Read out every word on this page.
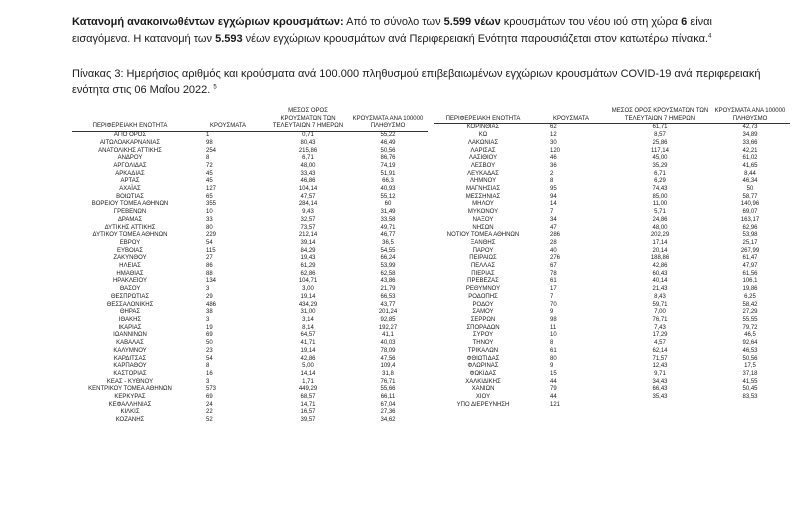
Κατανομή ανακοινωθέντων εγχώριων κρουσμάτων: Από το σύνολο των 5.599 νέων κρουσμάτων του νέου ιού στη χώρα 6 είναι εισαγόμενα. Η κατανομή των 5.593 νέων εγχώριων κρουσμάτων ανά Περιφερειακή Ενότητα παρουσιάζεται στον κατωτέρω πίνακα.$^4$
Πίνακας 3: Ημερήσιος αριθμός και κρούσματα ανά 100.000 πληθυσμού επιβεβαιωμένων εγχώριων κρουσμάτων COVID-19 ανά περιφερειακή ενότητα στις 06 Μαΐου 2022. $^5$
ΠΕΡΙΦΕΡΕΙΑΚΗ ΕΝΟΤΗΤΑ	ΚΡΟΥΣΜΑΤΑ	ΜΕΣΟΣ ΟΡΟΣ ΚΡΟΥΣΜΑΤΩΝ ΤΩΝ ΤΕΛΕΥΤΑΙΩΝ 7 ΗΜΕΡΩΝ	ΚΡΟΥΣΜΑΤΑ ΑΝΑ 100000 ΠΛΗΘΥΣΜΟ
ΑΓΙΟ ΟΡΟΣ	1	0,71	55,22
ΑΙΤΩΛΟΑΚΑΡΝΑΝΙΑΣ	98	80,43	46,49
ΑΝΑΤΟΛΙΚΗΣ ΑΤΤΙΚΗΣ	254	215,86	50,56
ΑΝΔΡΟΥ	8	6,71	86,76
ΑΡΓΟΛΙΔΑΣ	72	48,00	74,19
ΑΡΚΑΔΙΑΣ	45	33,43	51,91
ΑΡΤΑΣ	45	46,86	66,3
ΑΧΑΪΑΣ	127	104,14	40,93
ΒΟΙΩΤΙΑΣ	65	47,57	55,12
ΒΟΡΕΙΟΥ ΤΟΜΕΑ ΑΘΗΝΩΝ	355	284,14	60
ΓΡΕΒΕΝΩΝ	10	9,43	31,49
ΔΡΑΜΑΣ	33	32,57	33,58
ΔΥΤΙΚΗΣ ΑΤΤΙΚΗΣ	80	73,57	49,71
ΔΥΤΙΚΟΥ ΤΟΜΕΑ ΑΘΗΝΩΝ	229	212,14	46,77
ΕΒΡΟΥ	54	39,14	36,5
ΕΥΒΟΙΑΣ	115	84,29	54,55
ΖΑΚΥΝΘΟΥ	27	19,43	66,24
ΗΛΕΙΑΣ	86	61,29	53,99
ΗΜΑΘΙΑΣ	88	62,86	62,58
ΗΡΑΚΛΕΙΟΥ	134	104,71	43,86
ΘΑΣΟΥ	3	3,00	21,79
ΘΕΣΠΡΩΤΙΑΣ	29	19,14	66,53
ΘΕΣΣΑΛΟΝΙΚΗΣ	486	434,29	43,77
ΘΗΡΑΣ	38	31,00	201,24
ΙΘΑΚΗΣ	3	3,14	92,85
ΙΚΑΡΙΑΣ	19	8,14	192,27
ΙΩΑΝΝΙΝΩΝ	69	64,57	41,1
ΚΑΒΑΛΑΣ	50	41,71	40,03
ΚΑΛΥΜΝΟΥ	23	19,14	78,09
ΚΑΡΔΙΤΣΑΣ	54	42,86	47,56
ΚΑΡΠΑΘΟΥ	8	5,00	109,4
ΚΑΣΤΟΡΙΑΣ	16	14,14	31,8
ΚΕΑΣ - ΚΥΘΝΟΥ	3	1,71	76,71
ΚΕΝΤΡΙΚΟΥ ΤΟΜΕΑ ΑΘΗΝΩΝ	573	449,29	55,66
ΚΕΡΚΥΡΑΣ	69	68,57	66,11
ΚΕΦΑΛΛΗΝΙΑΣ	24	14,71	67,04
ΚΙΛΚΙΣ	22	16,57	27,36
ΚΟΖΑΝΗΣ	52	39,57	34,62
ΠΕΡΙΦΕΡΕΙΑΚΗ ΕΝΟΤΗΤΑ	ΚΡΟΥΣΜΑΤΑ	ΜΕΣΟΣ ΟΡΟΣ ΚΡΟΥΣΜΑΤΩΝ ΤΩΝ ΤΕΛΕΥΤΑΙΩΝ 7 ΗΜΕΡΩΝ	ΚΡΟΥΣΜΑΤΑ ΑΝΑ 100000 ΠΛΗΘΥΣΜΟ
ΚΟΡΙΝΘΙΑΣ	62	61,71	42,73
ΚΩ	12	8,57	34,89
ΛΑΚΩΝΙΑΣ	30	25,86	33,66
ΛΑΡΙΣΑΣ	120	117,14	42,21
ΛΑΣΙΘΙΟΥ	46	45,00	61,02
ΛΕΣΒΟΥ	36	35,29	41,65
ΛΕΥΚΑΔΑΣ	2	6,71	8,44
ΛΗΜΝΟΥ	8	6,29	46,34
ΜΑΓΝΗΣΙΑΣ	95	74,43	50
ΜΕΣΣΗΝΙΑΣ	94	85,00	58,77
ΜΗΛΟΥ	14	11,00	140,96
ΜΥΚΟΝΟΥ	7	5,71	69,07
ΝΑΞΟΥ	34	24,86	163,17
ΝΗΣΩΝ	47	48,00	62,96
ΝΟΤΙΟΥ ΤΟΜΕΑ ΑΘΗΝΩΝ	286	202,29	53,98
ΞΑΝΘΗΣ	28	17,14	25,17
ΠΑΡΟΥ	40	20,14	267,99
ΠΕΙΡΑΙΩΣ	276	188,86	61,47
ΠΕΛΛΑΣ	67	42,86	47,97
ΠΙΕΡΙΑΣ	78	60,43	61,56
ΠΡΕΒΕΖΑΣ	61	40,14	106,1
ΡΕΘΥΜΝΟΥ	17	21,43	19,86
ΡΟΔΟΠΗΣ	7	8,43	6,25
ΡΟΔΟΥ	70	59,71	58,42
ΣΑΜΟΥ	9	7,00	27,29
ΣΕΡΡΩΝ	98	76,71	55,55
ΣΠΟΡΑΔΩΝ	11	7,43	79,72
ΣΥΡΟΥ	10	17,29	46,5
ΤΗΝΟΥ	8	4,57	92,64
ΤΡΙΚΑΛΩΝ	61	62,14	46,53
ΦΘΙΩΤΙΔΑΣ	80	71,57	50,56
ΦΛΩΡΙΝΑΣ	9	12,43	17,5
ΦΩΚΙΔΑΣ	15	9,71	37,18
ΧΑΛΚΙΔΙΚΗΣ	44	34,43	41,55
ΧΑΝΙΩΝ	79	66,43	50,45
ΧΙΟΥ	44	35,43	83,53
ΥΠΟ ΔΙΕΡΕΥΝΗΣΗ	121		
